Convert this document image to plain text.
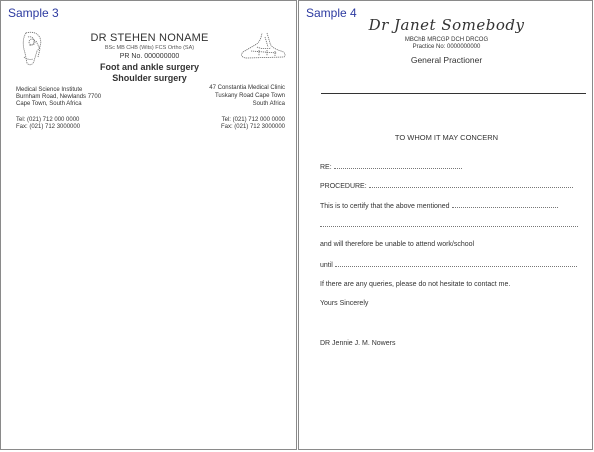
Sample 3
DR STEHEN NONAME
BSc MB CHB (Wits) FCS Ortho (SA)
PR No. 000000000
Foot and ankle surgery
Shoulder surgery
Medical Science Institute
Burnham Road, Newlands 7700
Cape Town, South Africa
47 Constantia Medical Clinic
Tuskany Road Cape Town
South Africa
Tel: (021) 712 000 0000
Fax: (021) 712 3000000
Tel: (021) 712 000 0000
Fax: (021) 712 3000000
Sample 4
Dr Janet Somebody
MBChB MRCGP DCH DRCOG
Practice No: 0000000000
General Practioner
TO WHOM IT MAY CONCERN
RE:
PROCEDURE:
This is to certify that the above mentioned
and will therefore be unable to attend work/school
until
If there are any queries, please do not hesitate to contact me.
Yours Sincerely
DR Jennie J. M. Nowers
